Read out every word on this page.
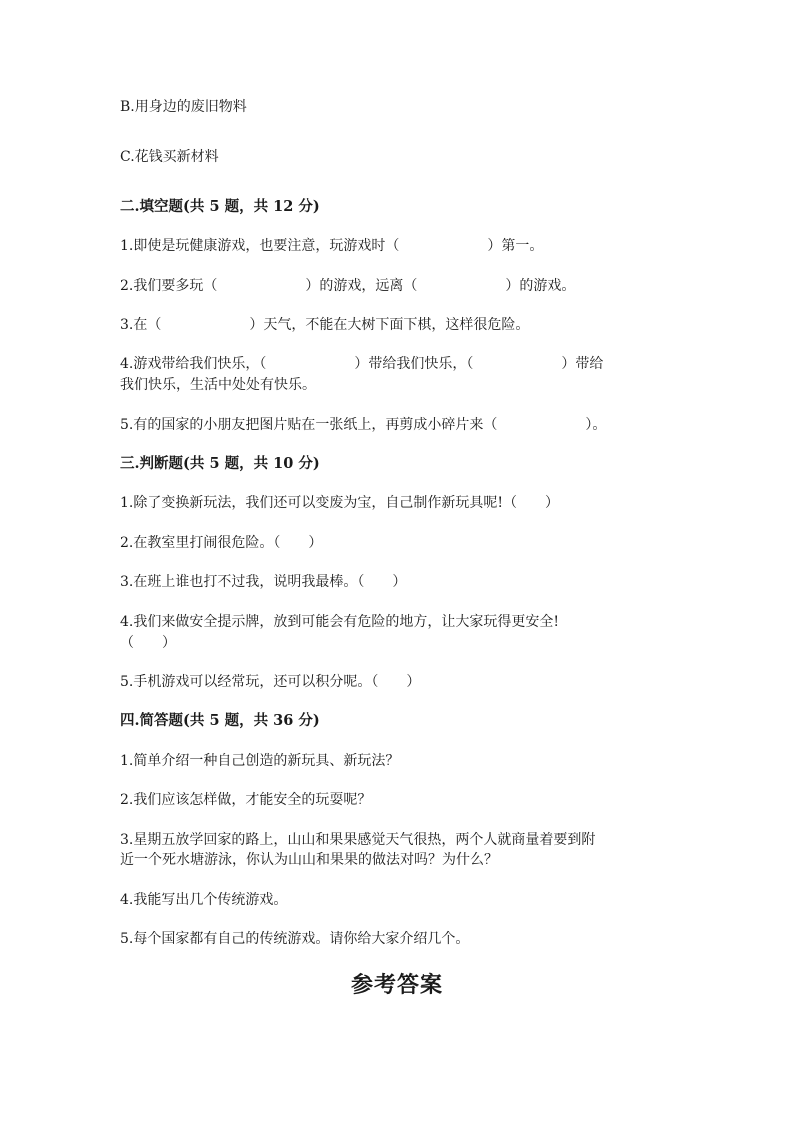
B.用身边的废旧物料
C.花钱买新材料
二.填空题(共 5 题，共 12 分)
1.即使是玩健康游戏，也要注意，玩游戏时（	）第一。
2.我们要多玩（	）的游戏，远离（	）的游戏。
3.在（	）天气，不能在大树下面下棋，这样很危险。
4.游戏带给我们快乐，（	）带给我们快乐，（	）带给
我们快乐，生活中处处有快乐。
5.有的国家的小朋友把图片贴在一张纸上，再剪成小碎片来（	）。
三.判断题(共 5 题，共 10 分)
1.除了变换新玩法，我们还可以变废为宝，自己制作新玩具呢!（　　）
2.在教室里打闹很危险。（　　）
3.在班上谁也打不过我，说明我最棒。（　　）
4.我们来做安全提示牌，放到可能会有危险的地方，让大家玩得更安全!
（　　）
5.手机游戏可以经常玩，还可以积分呢。（　　）
四.简答题(共 5 题，共 36 分)
1.简单介绍一种自己创造的新玩具、新玩法？
2.我们应该怎样做，才能安全的玩耍呢？
3.星期五放学回家的路上，山山和果果感觉天气很热，两个人就商量着要到附
近一个死水塘游泳，你认为山山和果果的做法对吗？为什么？
4.我能写出几个传统游戏。
5.每个国家都有自己的传统游戏。请你给大家介绍几个。
参考答案
